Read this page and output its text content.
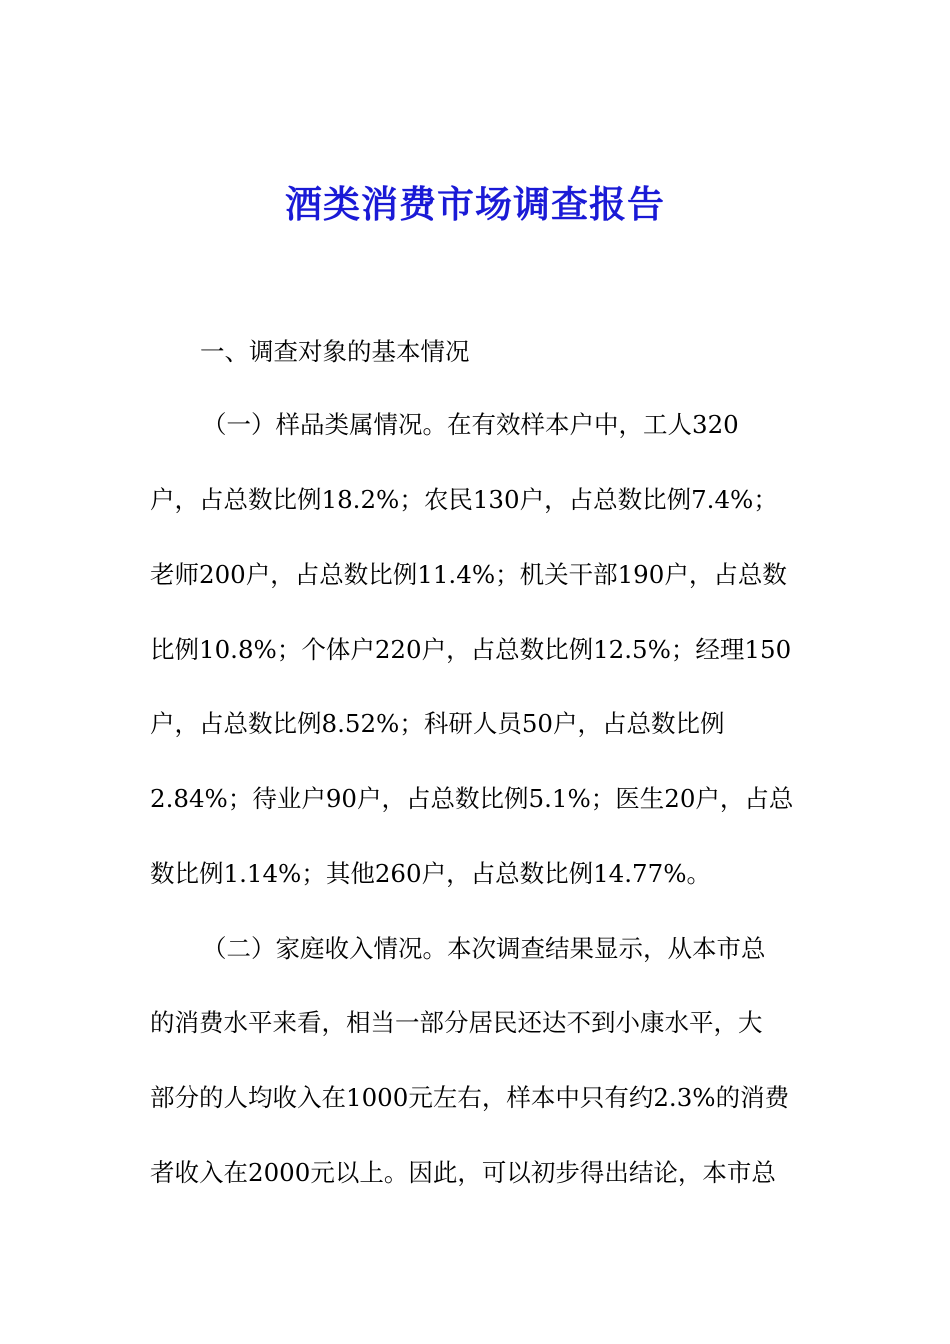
酒类消费市场调查报告
一、调查对象的基本情况
（一）样品类属情况。在有效样本户中，工人320
户，占总数比例18.2%；农民130户，占总数比例7.4%；
老师200户，占总数比例11.4%；机关干部190户，占总数
比例10.8%；个体户220户，占总数比例12.5%；经理150
户，占总数比例8.52%；科研人员50户，占总数比例
2.84%；待业户90户，占总数比例5.1%；医生20户，占总
数比例1.14%；其他260户，占总数比例14.77%。
（二）家庭收入情况。本次调查结果显示，从本市总
的消费水平来看，相当一部分居民还达不到小康水平，大
部分的人均收入在1000元左右，样本中只有约2.3%的消费
者收入在2000元以上。因此，可以初步得出结论，本市总
